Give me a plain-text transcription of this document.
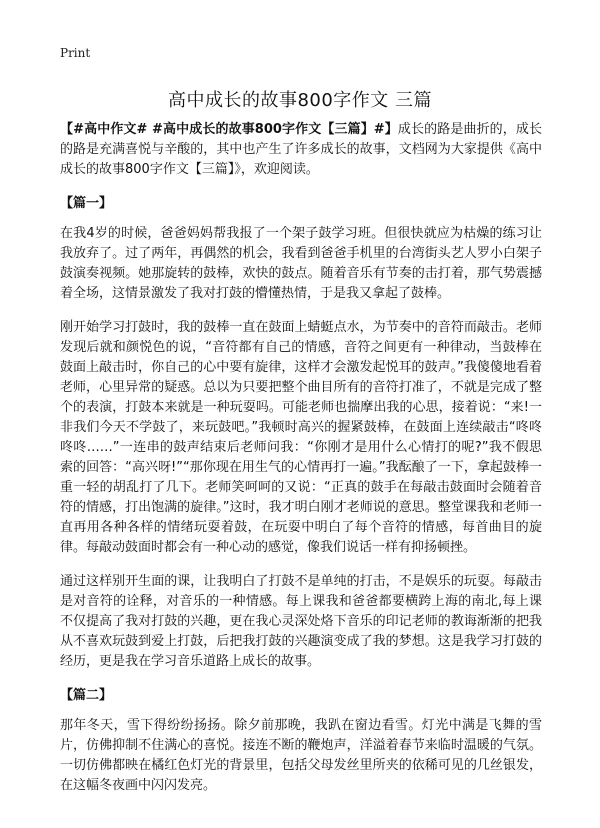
Print
高中成长的故事800字作文 三篇

【#高中作文# #高中成长的故事800字作文【三篇】#】成长的路是曲折的，成长的路是充满喜悦与辛酸的，其中也产生了许多成长的故事，文档网为大家提供《高中成长的故事800字作文【三篇】》，欢迎阅读。

【篇一】

在我4岁的时候，爸爸妈妈帮我报了一个架子鼓学习班。但很快就应为枯燥的练习让我放弃了。过了两年，再偶然的机会，我看到爸爸手机里的台湾街头艺人罗小白架子鼓演奏视频。她那旋转的鼓棒，欢快的鼓点。随着音乐有节奏的击打着，那气势震撼着全场，这情景激发了我对打鼓的懵懂热情，于是我又拿起了鼓棒。

刚开始学习打鼓时，我的鼓棒一直在鼓面上蜻蜓点水，为节奏中的音符而敲击。老师发现后就和颜悦色的说，“音符都有自己的情感，音符之间更有一种律动，当鼓棒在鼓面上敲击时，你自己的心中要有旋律，这样才会激发起悦耳的鼓声。”我傻傻地看着老师，心里异常的疑惑。总以为只要把整个曲目所有的音符打准了，不就是完成了整个的表演，打鼓本来就是一种玩耍吗。可能老师也揣摩出我的心思，接着说：“来!一非我们今天不学鼓了，来玩鼓吧。”我顿时高兴的握紧鼓棒，在鼓面上连续敲击“咚咚咚咚……”一连串的鼓声结束后老师问我：“你刚才是用什么心情打的呢?”我不假思索的回答：“高兴呀!”“那你现在用生气的心情再打一遍。”我酝酿了一下，拿起鼓棒一重一轻的胡乱打了几下。老师笑呵呵的又说：“正真的鼓手在每敲击鼓面时会随着音符的情感，打出饱满的旋律。”这时，我才明白刚才老师说的意思。整堂课我和老师一直再用各种各样的情绪玩耍着鼓，在玩耍中明白了每个音符的情感，每首曲目的旋律。每敲动鼓面时都会有一种心动的感觉，像我们说话一样有抑扬顿挫。

通过这样别开生面的课，让我明白了打鼓不是单纯的打击，不是娱乐的玩耍。每敲击是对音符的诠释，对音乐的一种情感。每上课我和爸爸都要横跨上海的南北,每上课不仅提高了我对打鼓的兴趣，更在我心灵深处烙下音乐的印记老师的教诲渐渐的把我从不喜欢玩鼓到爱上打鼓，后把我打鼓的兴趣演变成了我的梦想。这是我学习打鼓的经历，更是我在学习音乐道路上成长的故事。

【篇二】

那年冬天，雪下得纷纷扬扬。除夕前那晚，我趴在窗边看雪。灯光中满是飞舞的雪片，仿佛抑制不住满心的喜悦。接连不断的鞭炮声，洋溢着春节来临时温暖的气氛。一切仿佛都映在橘红色灯光的背景里，包括父母发丝里所夹的依稀可见的几丝银发，在这幅冬夜画中闪闪发亮。
